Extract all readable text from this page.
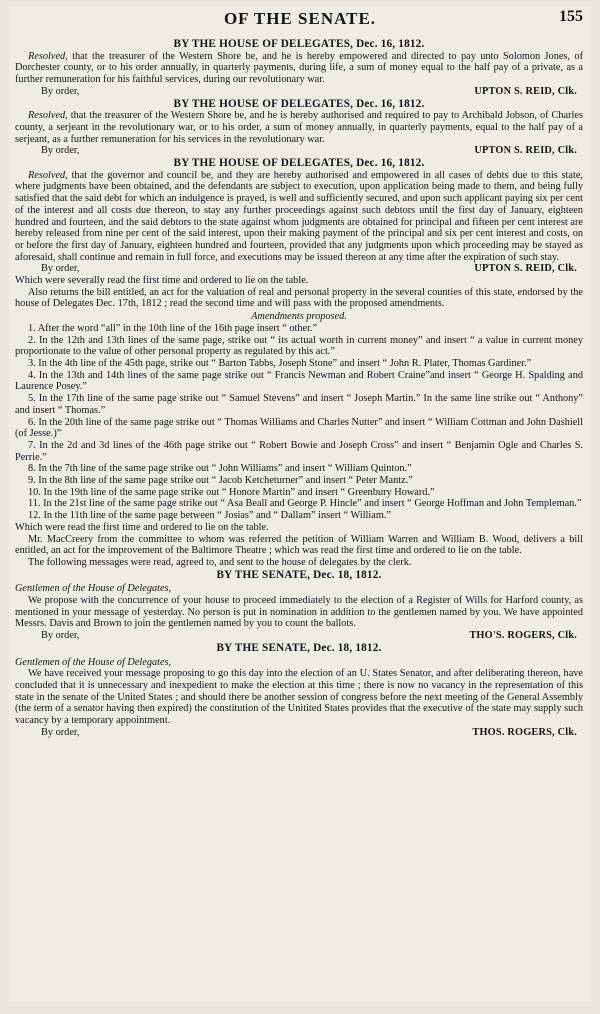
OF THE SENATE.	155
BY THE HOUSE OF DELEGATES, Dec. 16, 1812.

Resolved, that the treasurer of the Western Shore be, and he is hereby empowered and directed to pay unto Solomon Jones, of Dorchester county, or to his order annually, in quarterly payments, during life, a sum of money equal to the half pay of a private, as a further remuneration for his faithful services, during our revolutionary war.

By order,	UPTON S. REID, Clk.
BY THE HOUSE OF DELEGATES, Dec. 16, 1812.

Resolved, that the treasurer of the Western Shore be, and he is hereby authorised and required to pay to Archibald Jobson, of Charles county, a serjeant in the revolutionary war, or to his order, a sum of money annually, in quarterly payments, equal to the half pay of a serjeant, as a further remuneration for his services in the revolutionary war.

By order,	UPTON S. REID, Clk.
BY THE HOUSE OF DELEGATES, Dec. 16, 1812.

Resolved, that the governor and council be, and they are hereby authorised and empowered in all cases of debts due to this state, where judgments have been obtained, and the defendants are subject to execution, upon application being made to them, and being fully satisfied that the said debt for which an indulgence is prayed, is well and sufficiently secured, and upon such applicant paying six per cent of the interest and all costs due thereon, to stay any further proceedings against such debtors until the first day of January, eighteen hundred and fourteen, and the said debtors to the state against whom judgments are obtained for principal and fifteen per cent interest are hereby released from nine per cent of the said interest, upon their making payment of the principal and six per cent interest and costs, on or before the first day of January, eighteen hundred and fourteen, provided that any judgments upon which proceeding may be stayed as aforesaid, shall continue and remain in full force, and executions may be issued thereon at any time after the expiration of such stay.

By order,	UPTON S. REID, Clk.

Which were severally read the first time and ordered to lie on the table.

Also returns the bill entitled, an act for the valuation of real and personal property in the several counties of this state, endorsed by the house of Delegates Dec. 17th, 1812 ; read the second time and will pass with the proposed amendments.

Amendments proposed.

1. After the word “all” in the 10th line of the 16th page insert “ other.”

2. In the 12th and 13th lines of the same page, strike out “ its actual worth in current money” and insert “ a value in current money proportionate to the value of other personal property as regulated by this act.”

3. In the 4th line of the 45th page, strike out “ Barton Tabbs, Joseph Stone” and insert “ John R. Plater, Thomas Gardiner.”

4. In the 13th and 14th lines of the same page strike out “ Francis Newman and Robert Craine”and insert “ George H. Spalding and Laurence Posey.”

5. In the 17th line of the same page strike out “ Samuel Stevens” and insert “ Joseph Martin.” In the same line strike out “ Anthony” and insert “ Thomas.”

6. In the 20th line of the same page strike out “ Thomas Williams and Charles Nutter” and insert “ William Cottman and John Dashiell (of Jesse.)”

7. In the 2d and 3d lines of the 46th page strike out “ Robert Bowie and Joseph Cross” and insert “ Benjamin Ogle and Charles S. Perrie.”

8. In the 7th line of the same page strike out “ John Williams” and insert “ William Quinton.”

9. In the 8th line of the same page strike out “ Jacob Ketcheturner” and insert “ Peter Mantz.”

10. In the 19th line of the same page strike out “ Honore Martin” and insert “ Greenbury Howard.”

11. In the 21st line of the same page strike out “ Asa Beall and George P. Hincle” and insert “ George Hoffman and John Templeman.”

12. In the 11th line of the same page between “ Josias” and “ Dallam” insert “ William.”

Which were read the first time and ordered to lie on the table.

Mr. MacCreery from the committee to whom was referred the petition of William Warren and William B. Wood, delivers a bill entitled, an act for the improvement of the Baltimore Theatre ; which was read the first time and ordered to lie on the table.

The following messages were read, agreed to, and sent to the house of delegates by the clerk.

BY THE SENATE, Dec. 18, 1812.
Gentlemen of the House of Delegates,

We propose with the concurrence of your house to proceed immediately to the election of a Register of Wills for Harford county, as mentioned in your message of yesterday. No person is put in nomination in addition to the gentlemen named by you. We have appointed Messrs. Davis and Brown to join the gentlemen named by you to count the ballots.

By order,	THO'S. ROGERS, Clk.
BY THE SENATE, Dec. 18, 1812.
Gentlemen of the House of Delegates,

We have received your message proposing to go this day into the election of an U. States Senator, and after deliberating thereon, have concluded that it is unnecessary and inexpedient to make the election at this time ; there is now no vacancy in the representation of this state in the senate of the United States ; and should there be another session of congress before the next meeting of the General Assembly (the term of a senator having then expired) the constitution of the Unitited States provides that the executive of the state may supply such vacancy by a temporary appointment.

By order,	THOS. ROGERS, Clk.
